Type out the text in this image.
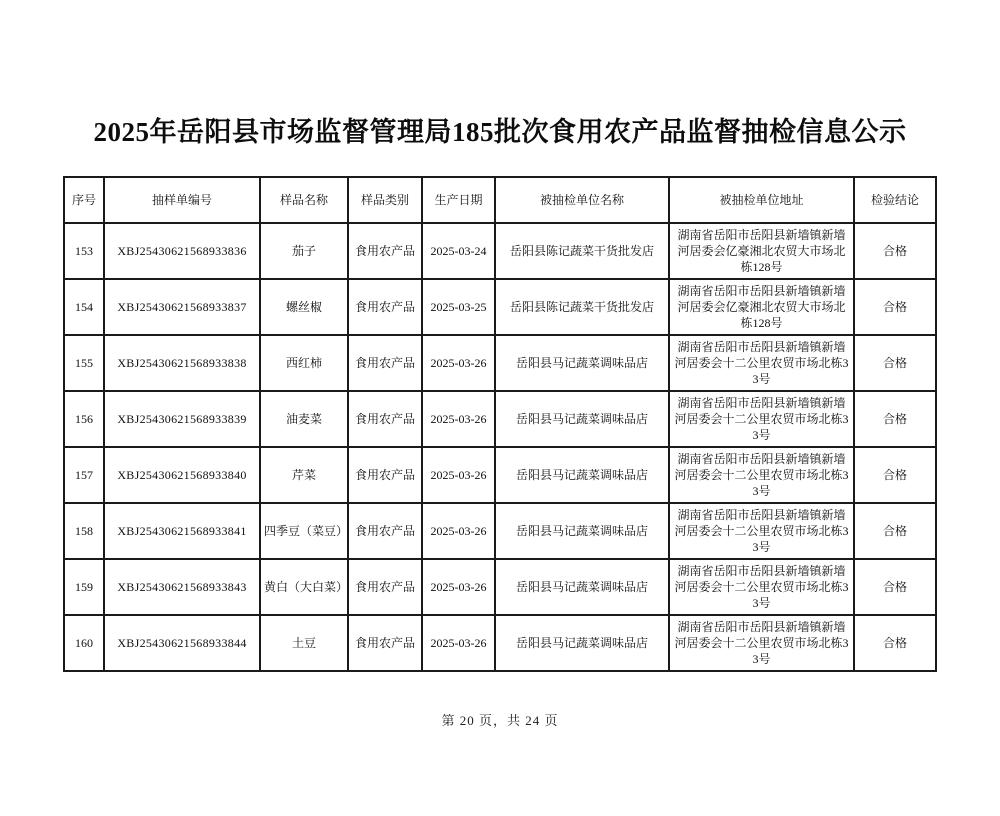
2025年岳阳县市场监督管理局185批次食用农产品监督抽检信息公示
序号	抽样单编号	样品名称	样品类别	生产日期	被抽检单位名称	被抽检单位地址	检验结论
153	XBJ25430621568933836	茄子	食用农产品	2025-03-24	岳阳县陈记蔬菜干货批发店	湖南省岳阳市岳阳县新墙镇新墙河居委会亿豪湘北农贸大市场北栋128号	合格
154	XBJ25430621568933837	螺丝椒	食用农产品	2025-03-25	岳阳县陈记蔬菜干货批发店	湖南省岳阳市岳阳县新墙镇新墙河居委会亿豪湘北农贸大市场北栋128号	合格
155	XBJ25430621568933838	西红柿	食用农产品	2025-03-26	岳阳县马记蔬菜调味品店	湖南省岳阳市岳阳县新墙镇新墙河居委会十二公里农贸市场北栋33号	合格
156	XBJ25430621568933839	油麦菜	食用农产品	2025-03-26	岳阳县马记蔬菜调味品店	湖南省岳阳市岳阳县新墙镇新墙河居委会十二公里农贸市场北栋33号	合格
157	XBJ25430621568933840	芹菜	食用农产品	2025-03-26	岳阳县马记蔬菜调味品店	湖南省岳阳市岳阳县新墙镇新墙河居委会十二公里农贸市场北栋33号	合格
158	XBJ25430621568933841	四季豆（菜豆）	食用农产品	2025-03-26	岳阳县马记蔬菜调味品店	湖南省岳阳市岳阳县新墙镇新墙河居委会十二公里农贸市场北栋33号	合格
159	XBJ25430621568933843	黄白（大白菜）	食用农产品	2025-03-26	岳阳县马记蔬菜调味品店	湖南省岳阳市岳阳县新墙镇新墙河居委会十二公里农贸市场北栋33号	合格
160	XBJ25430621568933844	土豆	食用农产品	2025-03-26	岳阳县马记蔬菜调味品店	湖南省岳阳市岳阳县新墙镇新墙河居委会十二公里农贸市场北栋33号	合格
第 20 页，共 24 页
